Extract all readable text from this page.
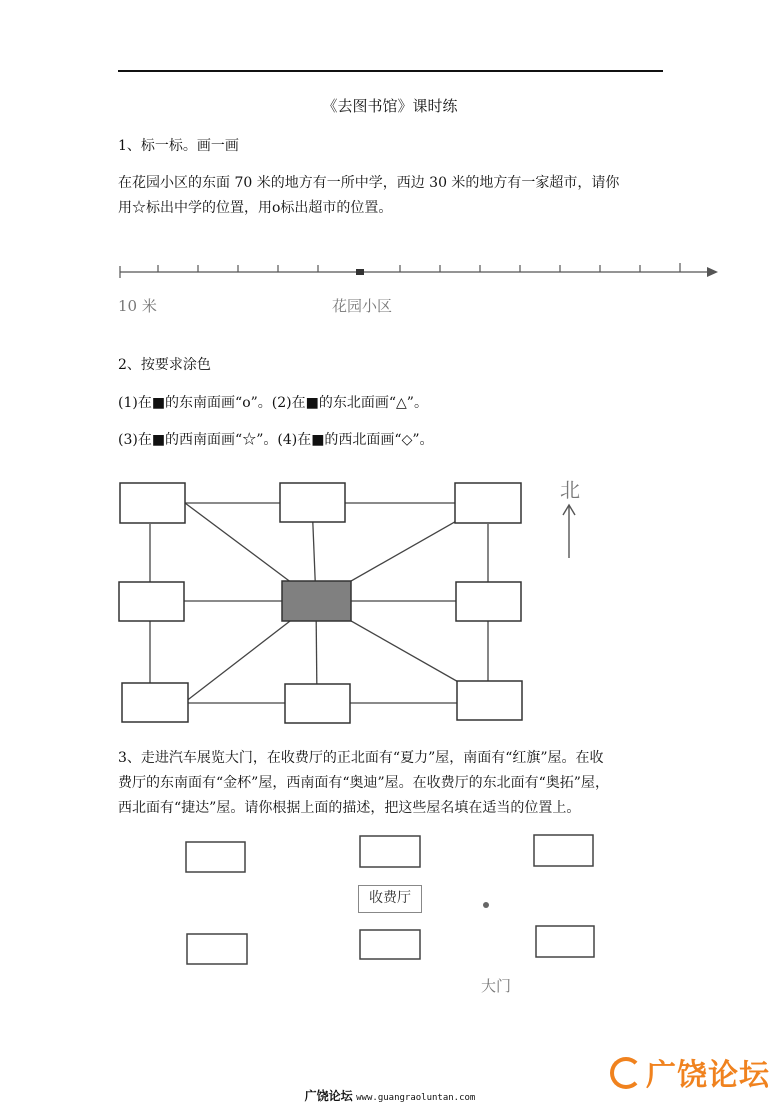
《去图书馆》课时练
1、标一标。画一画
在花园小区的东面 70 米的地方有一所中学，西边 30 米的地方有一家超市，请你
用☆标出中学的位置，用o标出超市的位置。
10 米	花园小区
2、按要求涂色
(1)在■的东南面画“o”。(2)在■的东北面画“△”。
(3)在■的西南面画“☆”。(4)在■的西北面画“◇”。
北
3、走进汽车展览大门，在收费厅的正北面有“夏力”屋，南面有“红旗”屋。在收
费厅的东南面有“金杯”屋，西南面有“奥迪”屋。在收费厅的东北面有“奥拓”屋，
西北面有“捷达”屋。请你根据上面的描述，把这些屋名填在适当的位置上。
收费厅
大门
广饶论坛 www.guangraoluntan.com
广饶论坛
